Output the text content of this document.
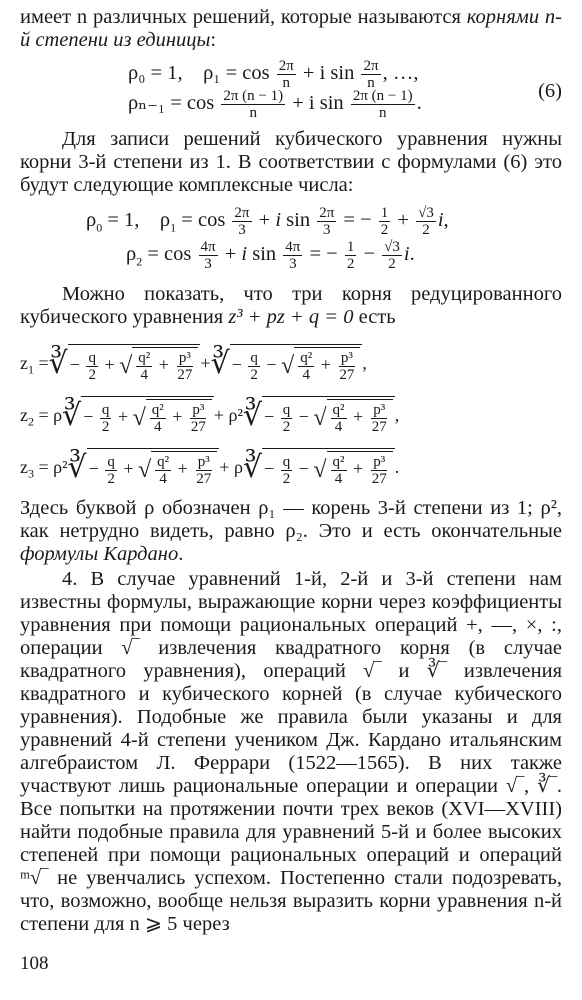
имеет n различных решений, которые называются корнями n-й степени из единицы:

ρ₀ = 1, $\rho_1 = \cos \frac{2\pi}{n} + i$ $\sin \frac{2\pi}{n}$ , …,
$\rho_{n-1} = \cos \frac{2\pi (n - 1)}{n} + i$ $\sin \frac{2\pi (n - 1)}{n}$ .
(6)

Для записи решений кубического уравнения нужны корни 3-й степени из 1. В соответствии с формулами (6) это будут следующие комплексные числа:

$\rho_0 = 1$,    $\rho_1 = \cos \frac{2\pi}{3} + i$ $\sin \frac{2\pi}{3}$ = − $\frac{1}{2} + \frac{√3}{2} i$,
$\rho_2 = \cos \frac{4\pi}{3} + i$ $\sin \frac{4\pi}{3}$ = − $\frac{1}{2} - \frac{√3}{2} i$.

Можно показать, что три корня редуцированного кубического уравнения z³ + pz + q = 0 есть

$z_1$ = ∛ − $\frac{q}{2}$ + √ $\frac{\text{q²}}{4} + \frac{\text{p³}}{27}$ + ∛ − $\frac{q}{2}$ − √ $\frac{\text{q²}}{4} + \frac{\text{p³}}{27}$ ,
$z_2 = \rho$ ∛ − $\frac{q}{2}$ + √ $\frac{\text{q²}}{4} + \frac{\text{p³}}{27} + \rho^2$ ∛ − $\frac{q}{2}$ − √ $\frac{\text{q²}}{4} + \frac{\text{p³}}{27}$ ,
$z_3 = \rho^2$ ∛ − $\frac{q}{2}$ + √ $\frac{\text{q²}}{4} + \frac{\text{p³}}{27} + \rho$ ∛ − $\frac{q}{2}$ − √ $\frac{\text{q²}}{4} + \frac{\text{p³}}{27}$ .

Здесь буквой ρ обозначен ρ₁ — корень 3-й степени из 1; ρ², как нетрудно видеть, равно ρ₂. Это и есть окончательные формулы Кардано.

4. В случае уравнений 1-й, 2-й и 3-й степени нам известны формулы, выражающие корни через коэффициенты уравнения при помощи рациональных операций +, —, ×, :, операции √‾ извлечения квадратного корня (в случае квадратного уравнения), операций √‾ и ∛‾ извлечения квадратного и кубического корней (в случае кубического уравнения). Подобные же правила были указаны и для уравнений 4-й степени учеником Дж. Кардано итальянским алгебраистом Л. Феррари (1522—1565). В них также участвуют лишь рациональные операции и операции √‾, ∛‾. Все попытки на протяжении почти трех веков (XVI—XVIII) найти подобные правила для уравнений 5-й и более высоких степеней при помощи рациональных операций и операций ᵐ√‾ не увенчались успехом. Постепенно стали подозревать, что, возможно, вообще нельзя выразить корни уравнения n-й степени для n ⩾ 5 через

108
